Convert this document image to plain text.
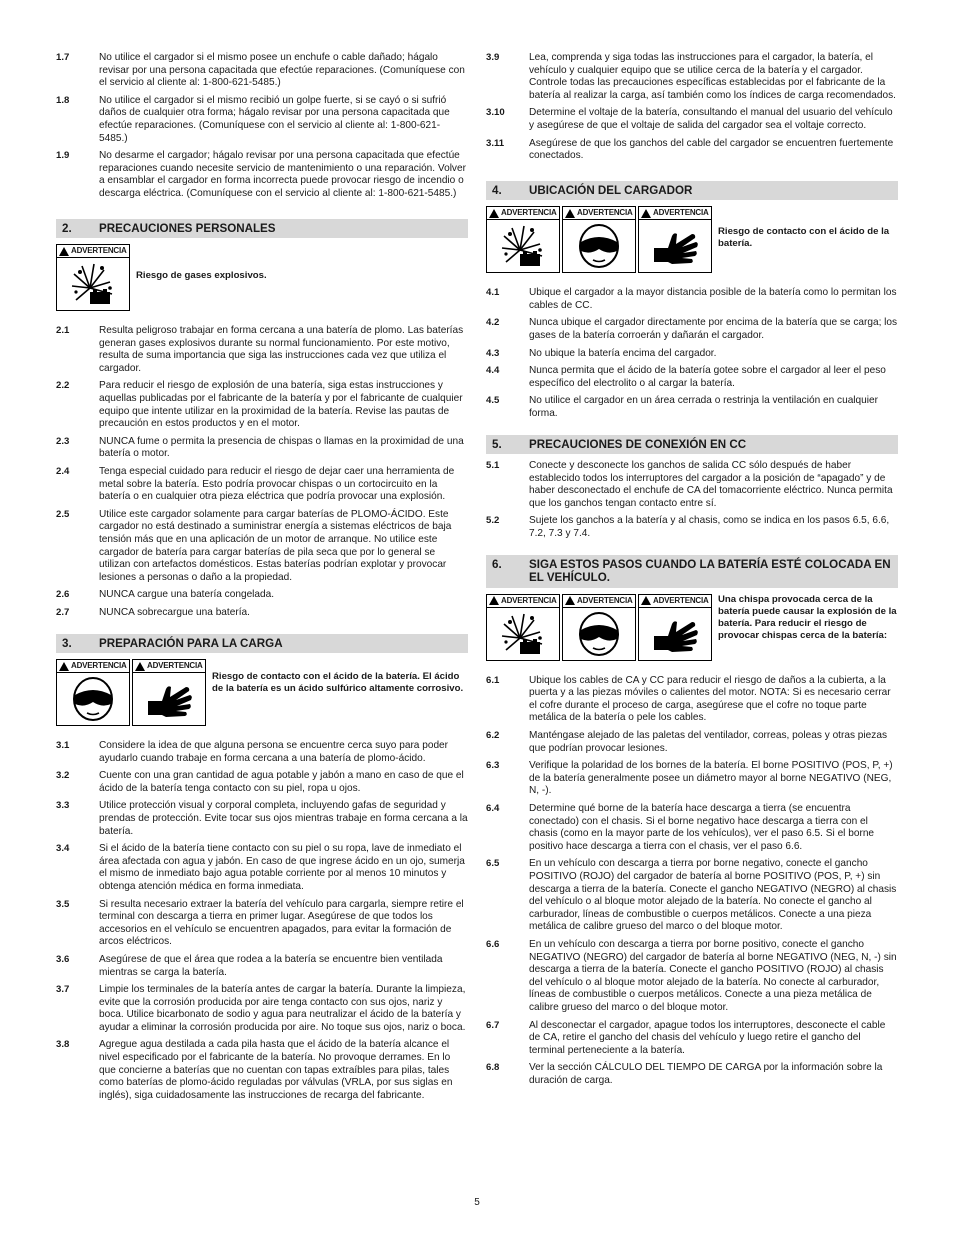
1.7	No utilice el cargador si el mismo posee un enchufe o cable dañado; hágalo revisar por una persona capacitada que efectúe reparaciones. (Comuníquese con el servicio al cliente al: 1-800-621-5485.)
1.8	No utilice el cargador si el mismo recibió un golpe fuerte, si se cayó o si sufrió daños de cualquier otra forma; hágalo revisar por una persona capacitada que efectúe reparaciones. (Comuníquese con el servicio al cliente al: 1-800-621-5485.)
1.9	No desarme el cargador; hágalo revisar por una persona capacitada que efectúe reparaciones cuando necesite servicio de mantenimiento o una reparación. Volver a ensamblar el cargador en forma incorrecta puede provocar riesgo de incendio o descarga eléctrica. (Comuníquese con el servicio al cliente al: 1-800-621-5485.)
2.	PRECAUCIONES PERSONALES
ADVERTENCIA
Riesgo de gases explosivos.
2.1	Resulta peligroso trabajar en forma cercana a una batería de plomo. Las baterías generan gases explosivos durante su normal funcionamiento. Por este motivo, resulta de suma importancia que siga las instrucciones cada vez que utiliza el cargador.
2.2	Para reducir el riesgo de explosión de una batería, siga estas instrucciones y aquellas publicadas por el fabricante de la batería y por el fabricante de cualquier equipo que intente utilizar en la proximidad de la batería. Revise las pautas de precaución en estos productos y en el motor.
2.3	NUNCA fume o permita la presencia de chispas o llamas en la proximidad de una batería o motor.
2.4	Tenga especial cuidado para reducir el riesgo de dejar caer una herramienta de metal sobre la batería. Esto podría provocar chispas o un cortocircuito en la batería o en cualquier otra pieza eléctrica que podría provocar una explosión.
2.5	Utilice este cargador solamente para cargar baterías de PLOMO-ÁCIDO. Este cargador no está destinado a suministrar energía a sistemas eléctricos de baja tensión más que en una aplicación de un motor de arranque. No utilice este cargador de batería para cargar baterías de pila seca que por lo general se utilizan con artefactos domésticos. Estas baterías podrían explotar y provocar lesiones a personas o daño a la propiedad.
2.6	NUNCA cargue una batería congelada.
2.7	NUNCA sobrecargue una batería.
3.	PREPARACIÓN PARA LA CARGA
ADVERTENCIA	ADVERTENCIA
Riesgo de contacto con el ácido de la batería. El ácido de la batería es un ácido sulfúrico altamente corrosivo.
3.1	Considere la idea de que alguna persona se encuentre cerca suyo para poder ayudarlo cuando trabaje en forma cercana a una batería de plomo-ácido.
3.2	Cuente con una gran cantidad de agua potable y jabón a mano en caso de que el ácido de la batería tenga contacto con su piel, ropa u ojos.
3.3	Utilice protección visual y corporal completa, incluyendo gafas de seguridad y prendas de protección. Evite tocar sus ojos mientras trabaje en forma cercana a la batería.
3.4	Si el ácido de la batería tiene contacto con su piel o su ropa, lave de inmediato el área afectada con agua y jabón. En caso de que ingrese ácido en un ojo, sumerja el mismo de inmediato bajo agua potable corriente por al menos 10 minutos y obtenga atención médica en forma inmediata.
3.5	Si resulta necesario extraer la batería del vehículo para cargarla, siempre retire el terminal con descarga a tierra en primer lugar. Asegúrese de que todos los accesorios en el vehículo se encuentren apagados, para evitar la formación de arcos eléctricos.
3.6	Asegúrese de que el área que rodea a la batería se encuentre bien ventilada mientras se carga la batería.
3.7	Limpie los terminales de la batería antes de cargar la batería. Durante la limpieza, evite que la corrosión producida por aire tenga contacto con sus ojos, nariz y boca. Utilice bicarbonato de sodio y agua para neutralizar el ácido de la batería y ayudar a eliminar la corrosión producida por aire. No toque sus ojos, nariz o boca.
3.8	Agregue agua destilada a cada pila hasta que el ácido de la batería alcance el nivel especificado por el fabricante de la batería. No provoque derrames. En lo que concierne a baterías que no cuentan con tapas extraíbles para pilas, tales como baterías de plomo-ácido reguladas por válvulas (VRLA, por sus siglas en inglés), siga cuidadosamente las instrucciones de recarga del fabricante.
3.9	Lea, comprenda y siga todas las instrucciones para el cargador, la batería, el vehículo y cualquier equipo que se utilice cerca de la batería y el cargador. Controle todas las precauciones específicas establecidas por el fabricante de la batería al realizar la carga, así también como los índices de carga recomendados.
3.10	Determine el voltaje de la batería, consultando el manual del usuario del vehículo y asegúrese de que el voltaje de salida del cargador sea el voltaje correcto.
3.11	Asegúrese de que los ganchos del cable del cargador se encuentren fuertemente conectados.
4.	UBICACIÓN DEL CARGADOR
ADVERTENCIA	ADVERTENCIA	ADVERTENCIA
Riesgo de contacto con el ácido de la batería.
4.1	Ubique el cargador a la mayor distancia posible de la batería como lo permitan los cables de CC.
4.2	Nunca ubique el cargador directamente por encima de la batería que se carga; los gases de la batería corroerán y dañarán el cargador.
4.3	No ubique la batería encima del cargador.
4.4	Nunca permita que el ácido de la batería gotee sobre el cargador al leer el peso específico del electrolito o al cargar la batería.
4.5	No utilice el cargador en un área cerrada o restrinja la ventilación en cualquier forma.
5.	PRECAUCIONES DE CONEXIÓN EN CC
5.1	Conecte y desconecte los ganchos de salida CC sólo después de haber establecido todos los interruptores del cargador a la posición de “apagado” y de haber desconectado el enchufe de CA del tomacorriente eléctrico. Nunca permita que los ganchos tengan contacto entre sí.
5.2	Sujete los ganchos a la batería y al chasis, como se indica en los pasos 6.5, 6.6, 7.2, 7.3 y 7.4.
6.	SIGA ESTOS PASOS CUANDO LA BATERÍA ESTÉ COLOCADA EN EL VEHÍCULO.
ADVERTENCIA	ADVERTENCIA	ADVERTENCIA Una chispa provocada cerca de la batería puede causar la explosión de la batería. Para reducir el riesgo de provocar chispas cerca de la batería:
6.1	Ubique los cables de CA y CC para reducir el riesgo de daños a la cubierta, a la puerta y a las piezas móviles o calientes del motor. NOTA: Si es necesario cerrar el cofre durante el proceso de carga, asegúrese que el cofre no toque parte metálica de la batería o pele los cables.
6.2	Manténgase alejado de las paletas del ventilador, correas, poleas y otras piezas que podrían provocar lesiones.
6.3	Verifique la polaridad de los bornes de la batería. El borne POSITIVO (POS, P, +) de la batería generalmente posee un diámetro mayor al borne NEGATIVO (NEG, N, -).
6.4	Determine qué borne de la batería hace descarga a tierra (se encuentra conectado) con el chasis. Si el borne negativo hace descarga a tierra con el chasis (como en la mayor parte de los vehículos), ver el paso 6.5. Si el borne positivo hace descarga a tierra con el chasis, ver el paso 6.6.
6.5	En un vehículo con descarga a tierra por borne negativo, conecte el gancho POSITIVO (ROJO) del cargador de batería al borne POSITIVO (POS, P, +) sin descarga a tierra de la batería. Conecte el gancho NEGATIVO (NEGRO) al chasis del vehículo o al bloque motor alejado de la batería. No conecte el gancho al carburador, líneas de combustible o cuerpos metálicos. Conecte a una pieza metálica de calibre grueso del marco o del bloque motor.
6.6	En un vehículo con descarga a tierra por borne positivo, conecte el gancho NEGATIVO (NEGRO) del cargador de batería al borne NEGATIVO (NEG, N, -) sin descarga a tierra de la batería. Conecte el gancho POSITIVO (ROJO) al chasis del vehículo o al bloque motor alejado de la batería. No conecte al carburador, líneas de combustible o cuerpos metálicos. Conecte a una pieza metálica de calibre grueso del marco o del bloque motor.
6.7	Al desconectar el cargador, apague todos los interruptores, desconecte el cable de CA, retire el gancho del chasis del vehículo y luego retire el gancho del terminal perteneciente a la batería.
6.8	Ver la sección CÁLCULO DEL TIEMPO DE CARGA por la información sobre la duración de carga.
5
